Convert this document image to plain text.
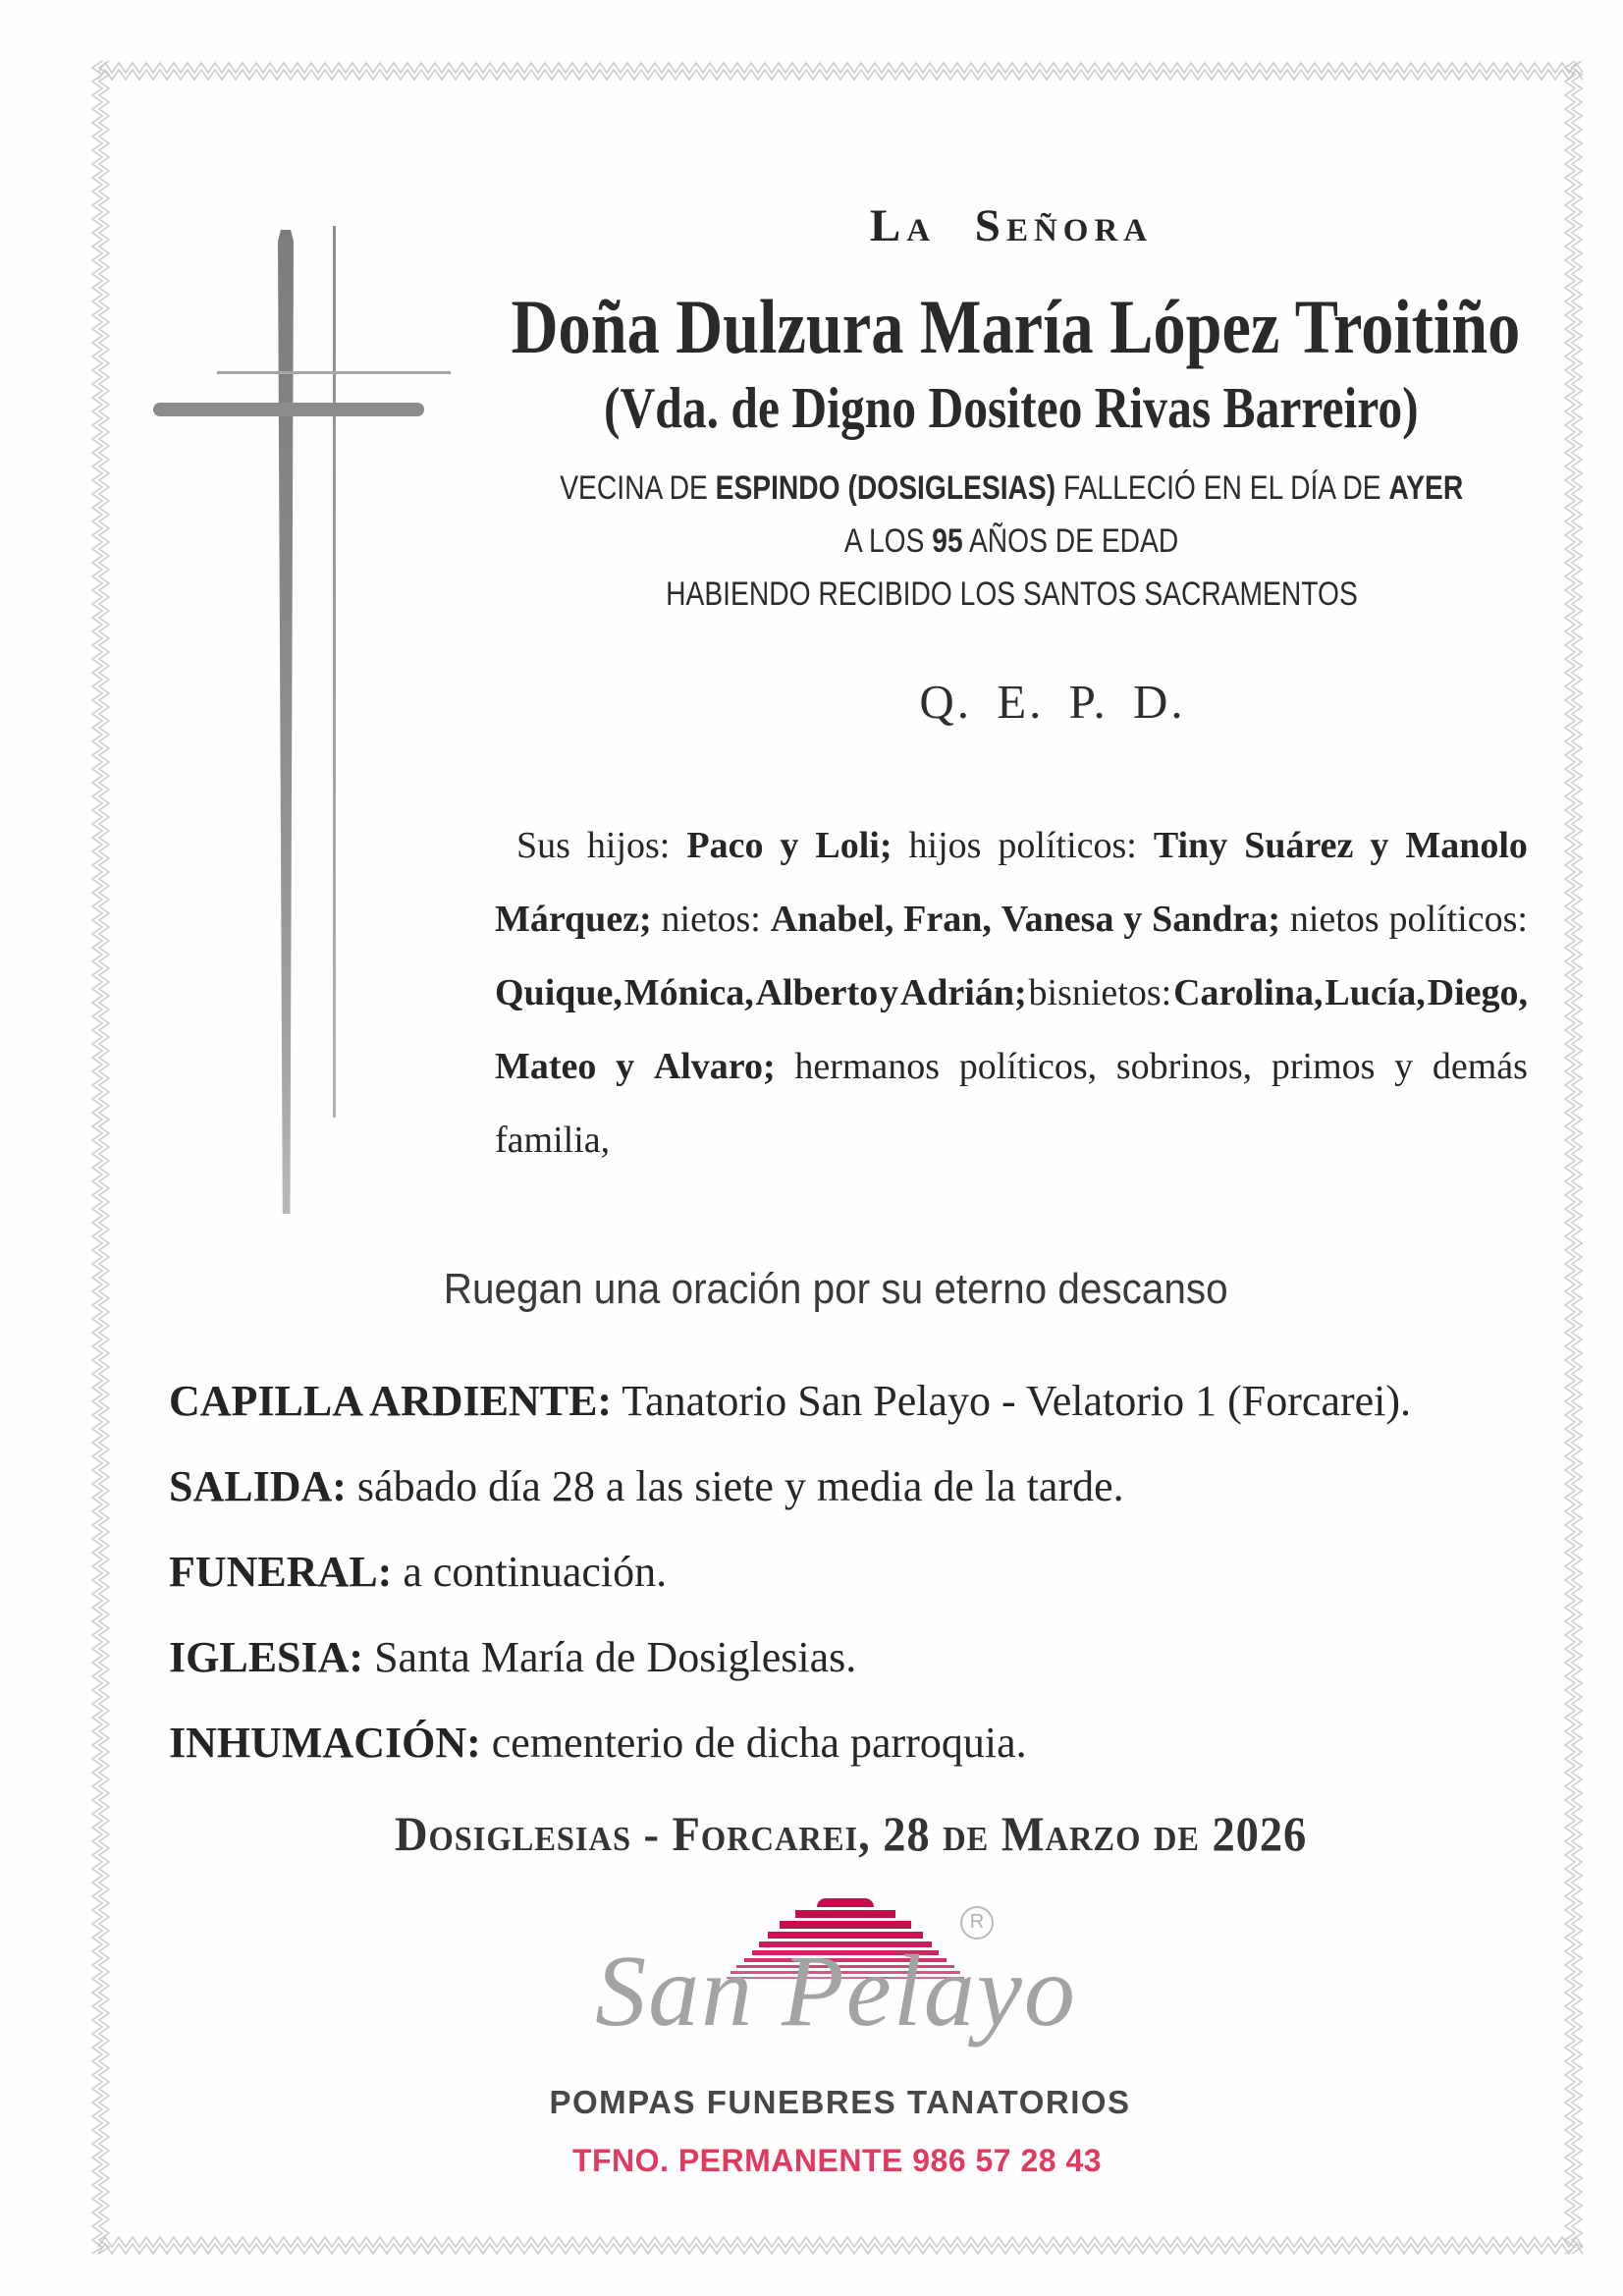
La Señora
Doña Dulzura María López Troitiño
(Vda. de Digno Dositeo Rivas Barreiro)
VECINA DE ESPINDO (DOSIGLESIAS) FALLECIÓ EN EL DÍA DE AYER
A LOS 95 AÑOS DE EDAD
HABIENDO RECIBIDO LOS SANTOS SACRAMENTOS
Q. E. P. D.
Sus hijos: Paco y Loli; hijos políticos: Tiny Suárez y Manolo
Márquez; nietos: Anabel, Fran, Vanesa y Sandra; nietos políticos:
Quique, Mónica, Alberto y Adrián; bisnietos: Carolina, Lucía, Diego,
Mateo y Alvaro; hermanos políticos, sobrinos, primos y demás
familia,
Ruegan una oración por su eterno descanso
CAPILLA ARDIENTE: Tanatorio San Pelayo - Velatorio 1 (Forcarei).
SALIDA: sábado día 28 a las siete y media de la tarde.
FUNERAL: a continuación.
IGLESIA: Santa María de Dosiglesias.
INHUMACIÓN: cementerio de dicha parroquia.
Dosiglesias - Forcarei, 28 de Marzo de 2026
R
San Pelayo
POMPAS FUNEBRES TANATORIOS
TFNO. PERMANENTE 986 57 28 43
